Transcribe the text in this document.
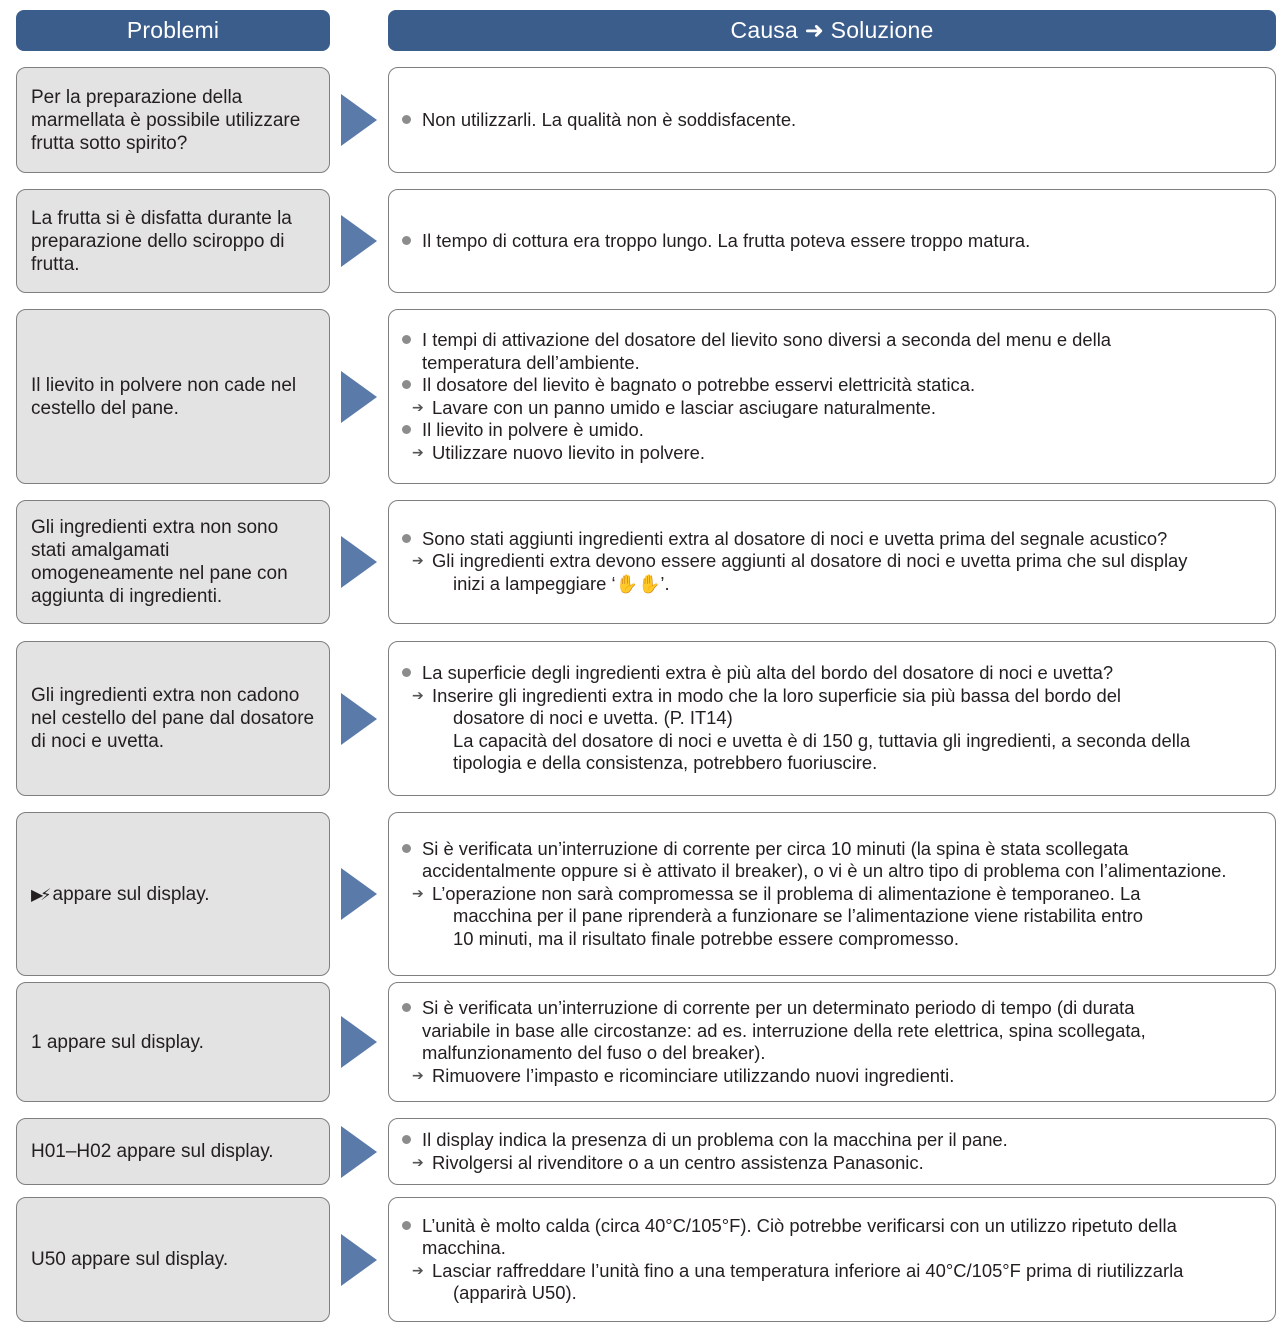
Problemi	Causa ➜ Soluzione
Per la preparazione della marmellata è possibile utilizzare frutta sotto spirito?
Non utilizzarli. La qualità non è soddisfacente.
La frutta si è disfatta durante la preparazione dello sciroppo di frutta.
Il tempo di cottura era troppo lungo. La frutta poteva essere troppo matura.
Il lievito in polvere non cade nel cestello del pane.
I tempi di attivazione del dosatore del lievito sono diversi a seconda del menu e della
temperatura dell’ambiente.
Il dosatore del lievito è bagnato o potrebbe esservi elettricità statica.
➔ Lavare con un panno umido e lasciar asciugare naturalmente.
Il lievito in polvere è umido.
➔ Utilizzare nuovo lievito in polvere.
Gli ingredienti extra non sono stati amalgamati omogeneamente nel pane con aggiunta di ingredienti.
Sono stati aggiunti ingredienti extra al dosatore di noci e uvetta prima del segnale acustico?
➔ Gli ingredienti extra devono essere aggiunti al dosatore di noci e uvetta prima che sul display
inizi a lampeggiare ‘✋✋’.
Gli ingredienti extra non cadono nel cestello del pane dal dosatore di noci e uvetta.
La superficie degli ingredienti extra è più alta del bordo del dosatore di noci e uvetta?
➔ Inserire gli ingredienti extra in modo che la loro superficie sia più bassa del bordo del
dosatore di noci e uvetta. (P. IT14)
La capacità del dosatore di noci e uvetta è di 150 g, tuttavia gli ingredienti, a seconda della
tipologia e della consistenza, potrebbero fuoriuscire.
▶⚡ appare sul display.
Si è verificata un’interruzione di corrente per circa 10 minuti (la spina è stata scollegata
accidentalmente oppure si è attivato il breaker), o vi è un altro tipo di problema con l’alimentazione.
➔ L’operazione non sarà compromessa se il problema di alimentazione è temporaneo. La
macchina per il pane riprenderà a funzionare se l’alimentazione viene ristabilita entro
10 minuti, ma il risultato finale potrebbe essere compromesso.
1 appare sul display.
Si è verificata un’interruzione di corrente per un determinato periodo di tempo (di durata
variabile in base alle circostanze: ad es. interruzione della rete elettrica, spina scollegata,
malfunzionamento del fuso o del breaker).
➔ Rimuovere l’impasto e ricominciare utilizzando nuovi ingredienti.
H01–H02 appare sul display.
Il display indica la presenza di un problema con la macchina per il pane.
➔ Rivolgersi al rivenditore o a un centro assistenza Panasonic.
U50 appare sul display.
L’unità è molto calda (circa 40°C/105°F). Ciò potrebbe verificarsi con un utilizzo ripetuto della
macchina.
➔ Lasciar raffreddare l’unità fino a una temperatura inferiore ai 40°C/105°F prima di riutilizzarla
(apparirà U50).
